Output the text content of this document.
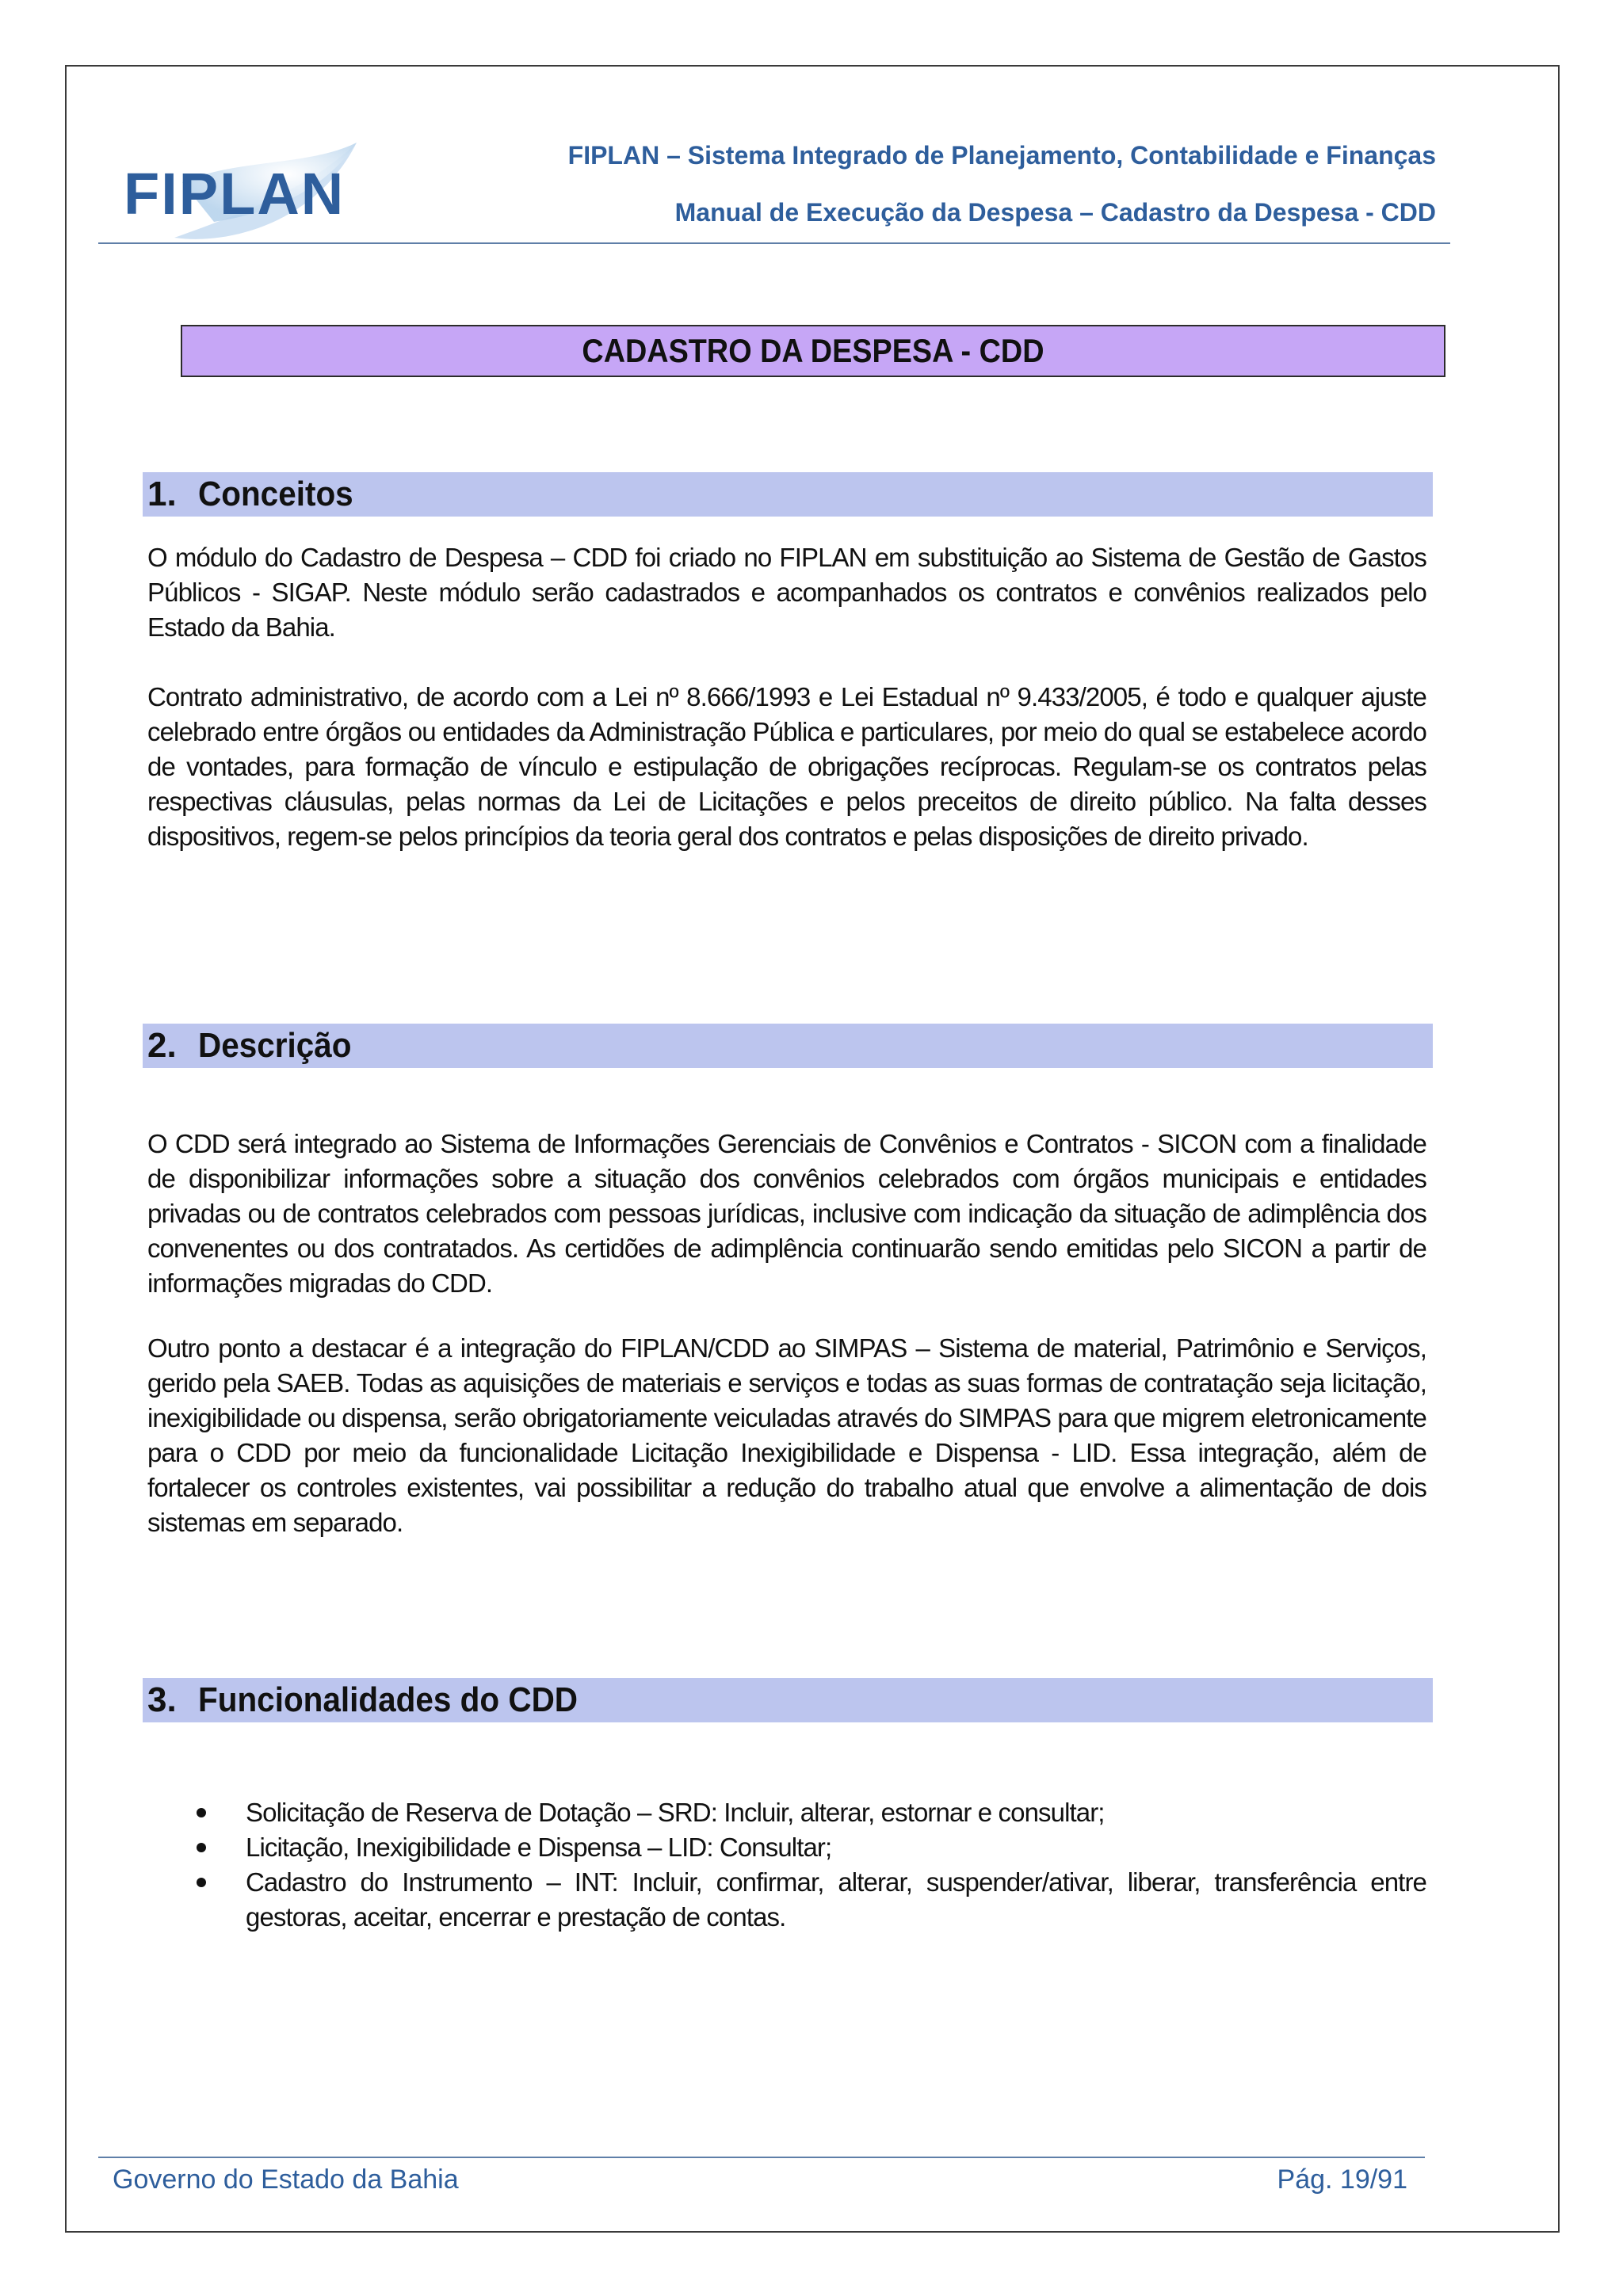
FIPLAN
FIPLAN – Sistema Integrado de Planejamento, Contabilidade e Finanças
Manual de Execução da Despesa – Cadastro da Despesa - CDD
CADASTRO DA DESPESA - CDD
1. Conceitos

O módulo do Cadastro de Despesa – CDD foi criado no FIPLAN em substituição ao Sistema de Gestão de Gastos Públicos - SIGAP. Neste módulo serão cadastrados e acompanhados os contratos e convênios realizados pelo Estado da Bahia.

Contrato administrativo, de acordo com a Lei nº 8.666/1993 e Lei Estadual nº 9.433/2005, é todo e qualquer ajuste celebrado entre órgãos ou entidades da Administração Pública e particulares, por meio do qual se estabelece acordo de vontades, para formação de vínculo e estipulação de obrigações recíprocas. Regulam-se os contratos pelas respectivas cláusulas, pelas normas da Lei de Licitações e pelos preceitos de direito público. Na falta desses dispositivos, regem-se pelos princípios da teoria geral dos contratos e pelas disposições de direito privado.

2. Descrição

O CDD será integrado ao Sistema de Informações Gerenciais de Convênios e Contratos - SICON com a finalidade de disponibilizar informações sobre a situação dos convênios celebrados com órgãos municipais e entidades privadas ou de contratos celebrados com pessoas jurídicas, inclusive com indicação da situação de adimplência dos convenentes ou dos contratados. As certidões de adimplência continuarão sendo emitidas pelo SICON a partir de informações migradas do CDD.

Outro ponto a destacar é a integração do FIPLAN/CDD ao SIMPAS – Sistema de material, Patrimônio e Serviços, gerido pela SAEB. Todas as aquisições de materiais e serviços e todas as suas formas de contratação seja licitação, inexigibilidade ou dispensa, serão obrigatoriamente veiculadas através do SIMPAS para que migrem eletronicamente para o CDD por meio da funcionalidade Licitação Inexigibilidade e Dispensa - LID. Essa integração, além de fortalecer os controles existentes, vai possibilitar a redução do trabalho atual que envolve a alimentação de dois sistemas em separado.

3. Funcionalidades do CDD
Solicitação de Reserva de Dotação – SRD: Incluir, alterar, estornar e consultar;
Licitação, Inexigibilidade e Dispensa – LID: Consultar;
Cadastro do Instrumento – INT: Incluir, confirmar, alterar, suspender/ativar, liberar, transferência entre gestoras, aceitar, encerrar e prestação de contas.
Governo do Estado da Bahia	Pág. 19/91
